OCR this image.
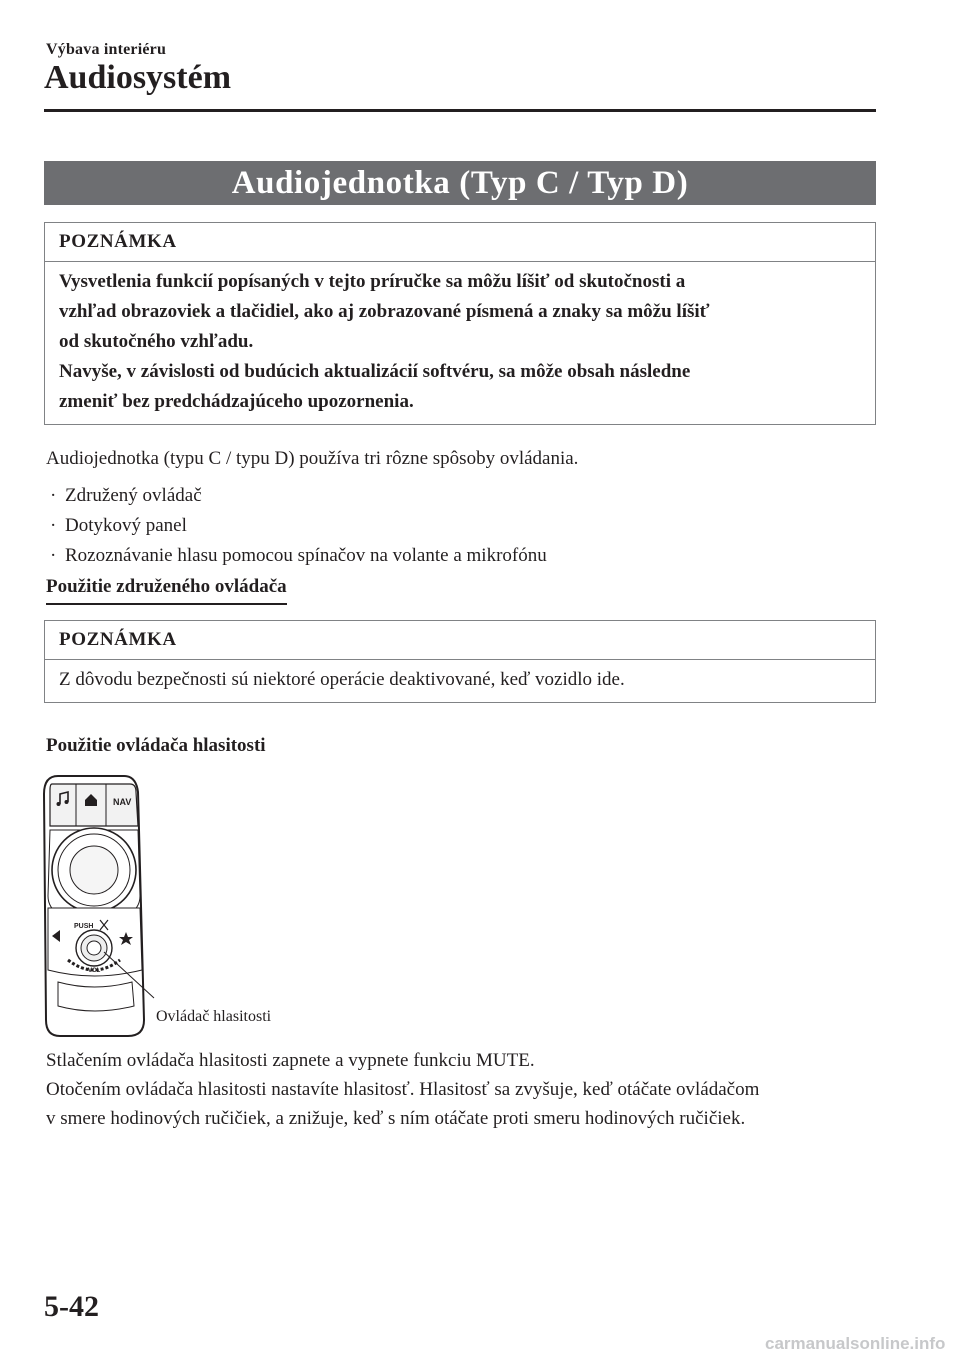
Výbava interiéru
Audiosystém
Audiojednotka (Typ C / Typ D)
POZNÁMKA
Vysvetlenia funkcií popísaných v tejto príručke sa môžu líšiť od skutočnosti a
vzhľad obrazoviek a tlačidiel, ako aj zobrazované písmená a znaky sa môžu líšiť
od skutočného vzhľadu.
Navyše, v závislosti od budúcich aktualizácií softvéru, sa môže obsah následne
zmeniť bez predchádzajúceho upozornenia.
Audiojednotka (typu C / typu D) používa tri rôzne spôsoby ovládania.
· Združený ovládač
· Dotykový panel
· Rozoznávanie hlasu pomocou spínačov na volante a mikrofónu
Použitie združeného ovládača
POZNÁMKA
Z dôvodu bezpečnosti sú niektoré operácie deaktivované, keď vozidlo ide.
Použitie ovládača hlasitosti
NAV
PUSH
VOL
Ovládač hlasitosti
Stlačením ovládača hlasitosti zapnete a vypnete funkciu MUTE.
Otočením ovládača hlasitosti nastavíte hlasitosť. Hlasitosť sa zvyšuje, keď otáčate ovládačom
v smere hodinových ručičiek, a znižuje, keď s ním otáčate proti smeru hodinových ručičiek.
5-42
carmanualsonline.info
